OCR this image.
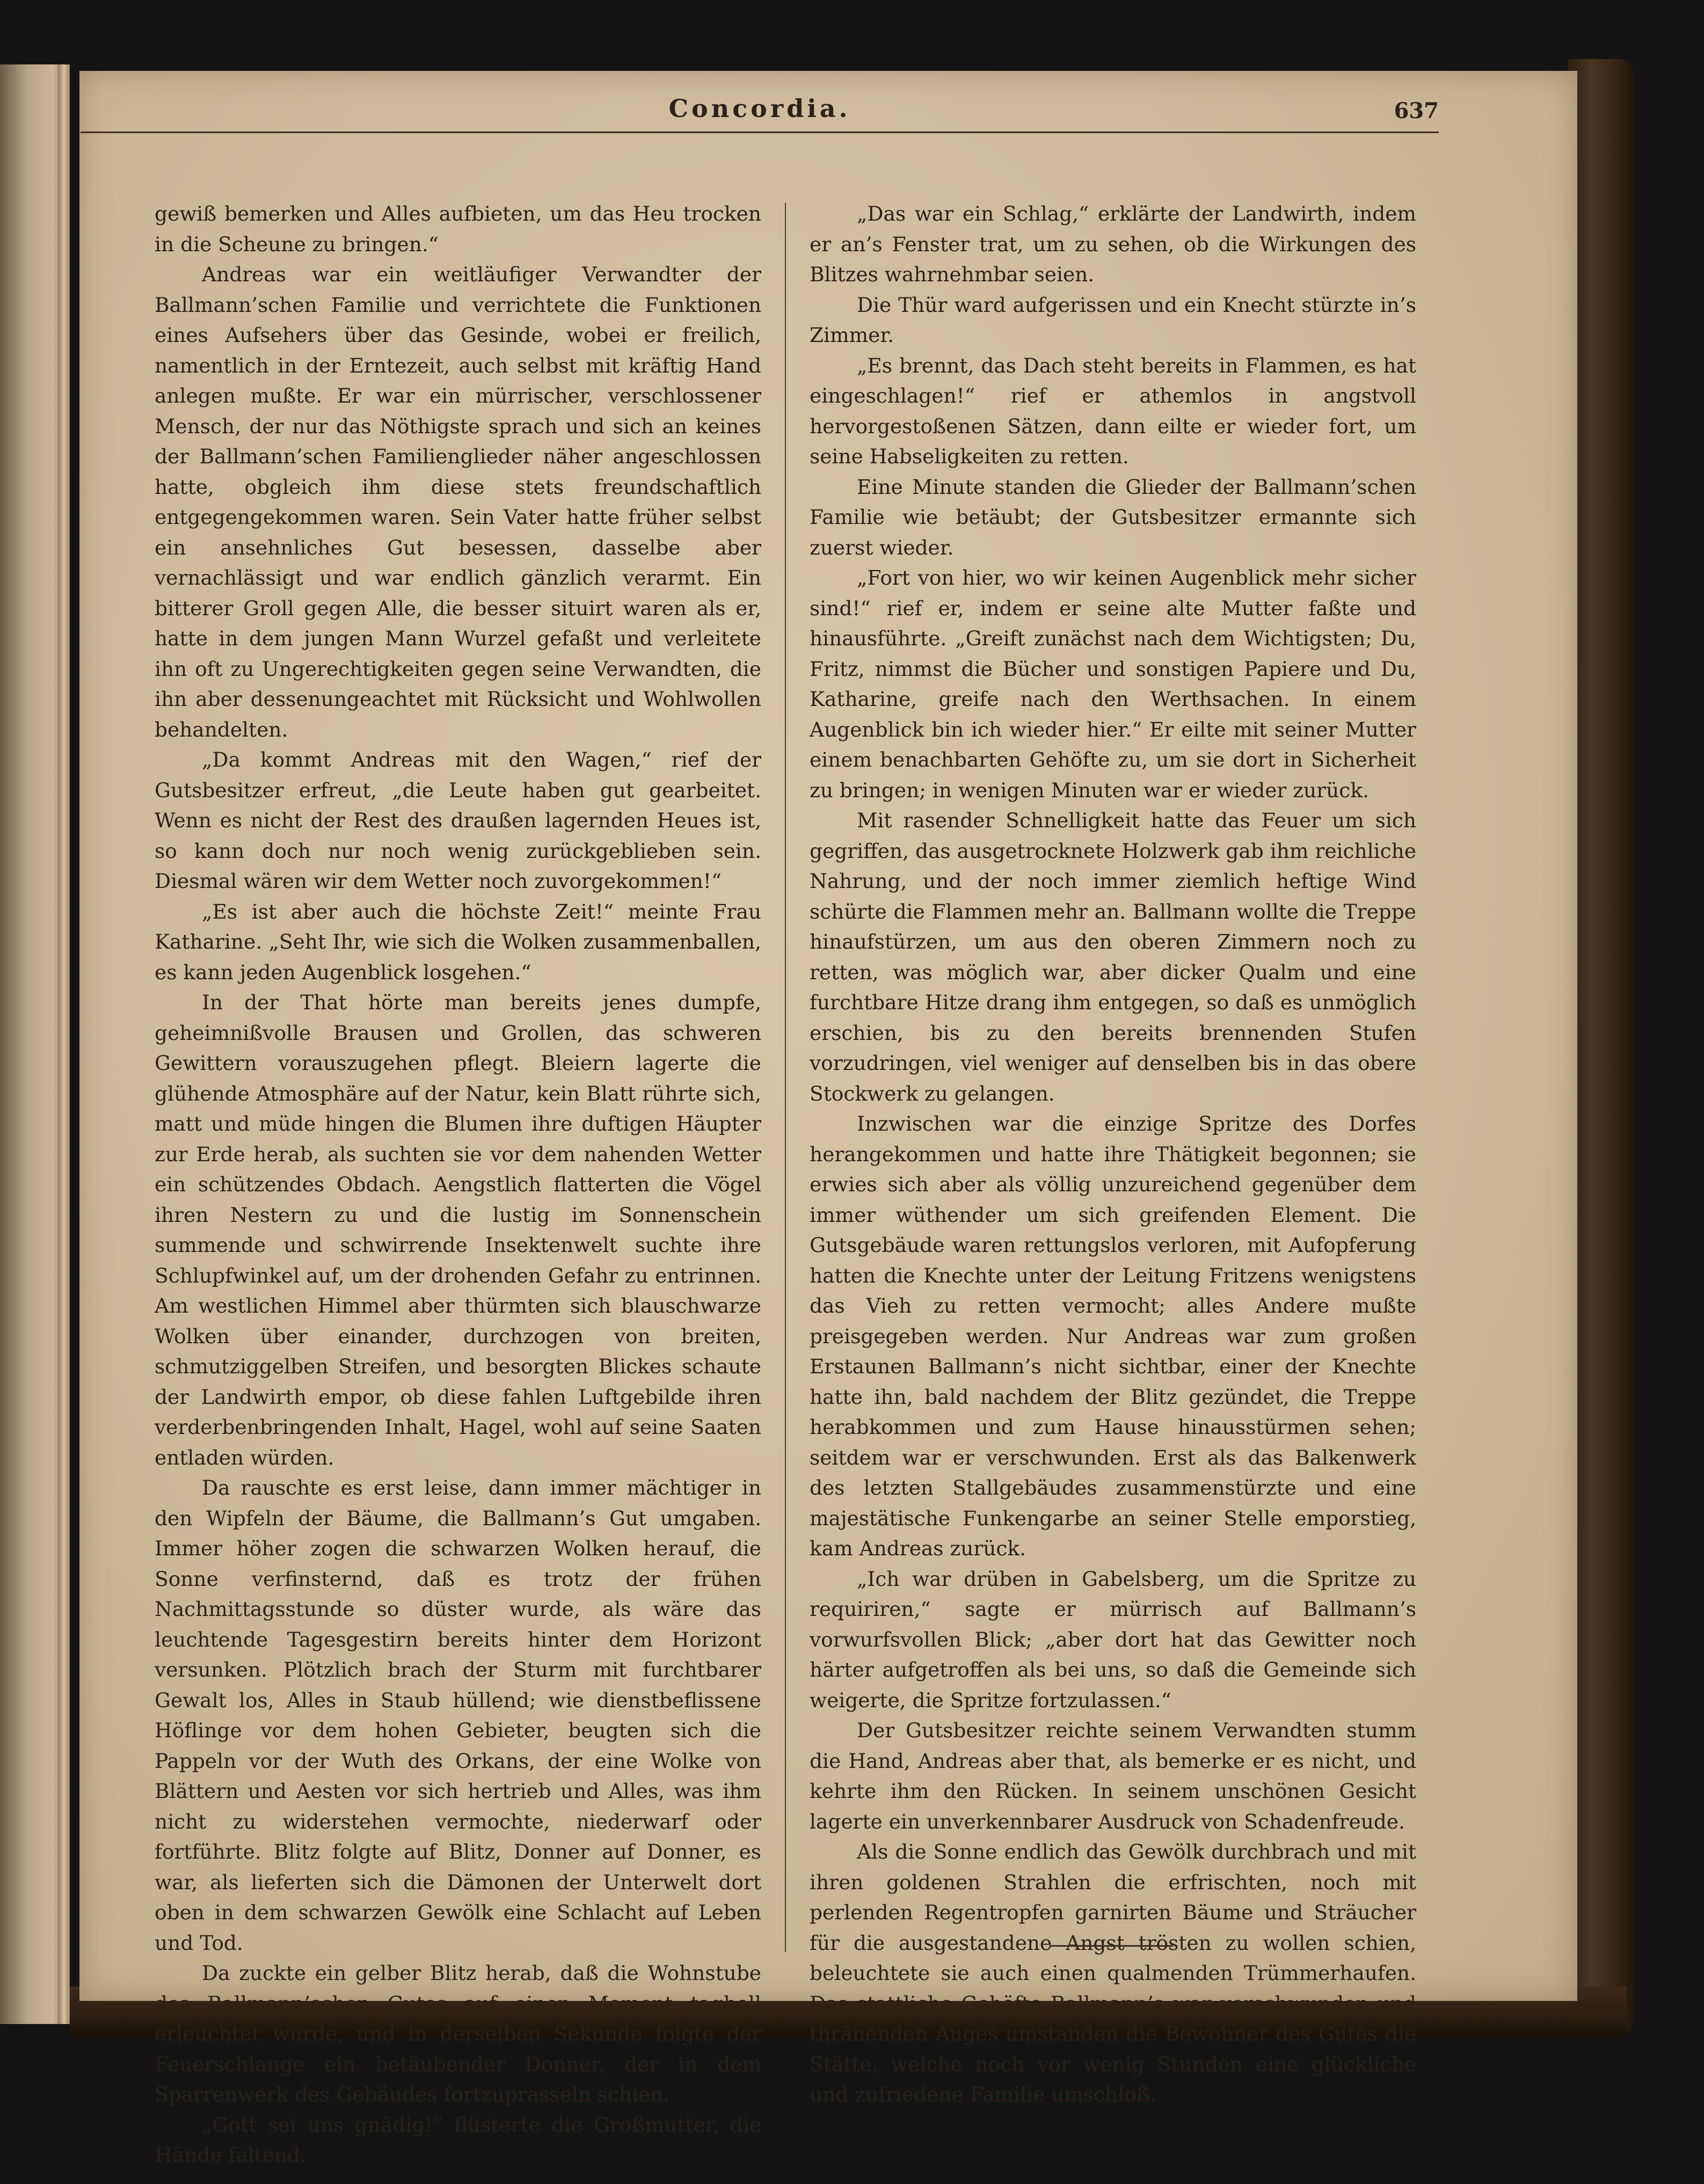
Concordia.	637

gewiß bemerken und Alles aufbieten, um das Heu trocken in die Scheune zu bringen.“

Andreas war ein weitläufiger Verwandter der Ballmann’schen Familie und verrichtete die Funktionen eines Aufsehers über das Gesinde, wobei er freilich, namentlich in der Erntezeit, auch selbst mit kräftig Hand anlegen mußte. Er war ein mürrischer, verschlossener Mensch, der nur das Nöthigste sprach und sich an keines der Ballmann’schen Familienglieder näher angeschlossen hatte, obgleich ihm diese stets freundschaftlich entgegengekommen waren. Sein Vater hatte früher selbst ein ansehnliches Gut besessen, dasselbe aber vernachlässigt und war endlich gänzlich verarmt. Ein bitterer Groll gegen Alle, die besser situirt waren als er, hatte in dem jungen Mann Wurzel gefaßt und verleitete ihn oft zu Ungerechtigkeiten gegen seine Verwandten, die ihn aber dessenungeachtet mit Rücksicht und Wohlwollen behandelten.

„Da kommt Andreas mit den Wagen,“ rief der Gutsbesitzer erfreut, „die Leute haben gut gearbeitet. Wenn es nicht der Rest des draußen lagernden Heues ist, so kann doch nur noch wenig zurückgeblieben sein. Diesmal wären wir dem Wetter noch zuvorgekommen!“

„Es ist aber auch die höchste Zeit!“ meinte Frau Katharine. „Seht Ihr, wie sich die Wolken zusammenballen, es kann jeden Augenblick losgehen.“

In der That hörte man bereits jenes dumpfe, geheimnißvolle Brausen und Grollen, das schweren Gewittern vorauszugehen pflegt. Bleiern lagerte die glühende Atmosphäre auf der Natur, kein Blatt rührte sich, matt und müde hingen die Blumen ihre duftigen Häupter zur Erde herab, als suchten sie vor dem nahenden Wetter ein schützendes Obdach. Aengstlich flatterten die Vögel ihren Nestern zu und die lustig im Sonnenschein summende und schwirrende Insektenwelt suchte ihre Schlupfwinkel auf, um der drohenden Gefahr zu entrinnen. Am westlichen Himmel aber thürmten sich blauschwarze Wolken über einander, durchzogen von breiten, schmutziggelben Streifen, und besorgten Blickes schaute der Landwirth empor, ob diese fahlen Luftgebilde ihren verderbenbringenden Inhalt, Hagel, wohl auf seine Saaten entladen würden.

Da rauschte es erst leise, dann immer mächtiger in den Wipfeln der Bäume, die Ballmann’s Gut umgaben. Immer höher zogen die schwarzen Wolken herauf, die Sonne verfinsternd, daß es trotz der frühen Nachmittagsstunde so düster wurde, als wäre das leuchtende Tagesgestirn bereits hinter dem Horizont versunken. Plötzlich brach der Sturm mit furchtbarer Gewalt los, Alles in Staub hüllend; wie dienstbeflissene Höflinge vor dem hohen Gebieter, beugten sich die Pappeln vor der Wuth des Orkans, der eine Wolke von Blättern und Aesten vor sich hertrieb und Alles, was ihm nicht zu widerstehen vermochte, niederwarf oder fortführte. Blitz folgte auf Blitz, Donner auf Donner, es war, als lieferten sich die Dämonen der Unterwelt dort oben in dem schwarzen Gewölk eine Schlacht auf Leben und Tod.

Da zuckte ein gelber Blitz herab, daß die Wohnstube des Ballmann’schen Gutes auf einen Moment taghell erleuchtet wurde, und in derselben Sekunde folgte der Feuerschlange ein betäubender Donner, der in dem Sparrenwerk des Gebäudes fortzuprasseln schien.

„Gott sei uns gnädig!“ flüsterte die Großmutter, die Hände faltend.

„Das war ein Schlag,“ erklärte der Landwirth, indem er an’s Fenster trat, um zu sehen, ob die Wirkungen des Blitzes wahrnehmbar seien.

Die Thür ward aufgerissen und ein Knecht stürzte in’s Zimmer.

„Es brennt, das Dach steht bereits in Flammen, es hat eingeschlagen!“ rief er athemlos in angstvoll hervorgestoßenen Sätzen, dann eilte er wieder fort, um seine Habseligkeiten zu retten.

Eine Minute standen die Glieder der Ballmann’schen Familie wie betäubt; der Gutsbesitzer ermannte sich zuerst wieder.

„Fort von hier, wo wir keinen Augenblick mehr sicher sind!“ rief er, indem er seine alte Mutter faßte und hinausführte. „Greift zunächst nach dem Wichtigsten; Du, Fritz, nimmst die Bücher und sonstigen Papiere und Du, Katharine, greife nach den Werthsachen. In einem Augenblick bin ich wieder hier.“ Er eilte mit seiner Mutter einem benachbarten Gehöfte zu, um sie dort in Sicherheit zu bringen; in wenigen Minuten war er wieder zurück.

Mit rasender Schnelligkeit hatte das Feuer um sich gegriffen, das ausgetrocknete Holzwerk gab ihm reichliche Nahrung, und der noch immer ziemlich heftige Wind schürte die Flammen mehr an. Ballmann wollte die Treppe hinaufstürzen, um aus den oberen Zimmern noch zu retten, was möglich war, aber dicker Qualm und eine furchtbare Hitze drang ihm entgegen, so daß es unmöglich erschien, bis zu den bereits brennenden Stufen vorzudringen, viel weniger auf denselben bis in das obere Stockwerk zu gelangen.

Inzwischen war die einzige Spritze des Dorfes herangekommen und hatte ihre Thätigkeit begonnen; sie erwies sich aber als völlig unzureichend gegenüber dem immer wüthender um sich greifenden Element. Die Gutsgebäude waren rettungslos verloren, mit Aufopferung hatten die Knechte unter der Leitung Fritzens wenigstens das Vieh zu retten vermocht; alles Andere mußte preisgegeben werden. Nur Andreas war zum großen Erstaunen Ballmann’s nicht sichtbar, einer der Knechte hatte ihn, bald nachdem der Blitz gezündet, die Treppe herabkommen und zum Hause hinausstürmen sehen; seitdem war er verschwunden. Erst als das Balkenwerk des letzten Stallgebäudes zusammenstürzte und eine majestätische Funkengarbe an seiner Stelle emporstieg, kam Andreas zurück.

„Ich war drüben in Gabelsberg, um die Spritze zu requiriren,“ sagte er mürrisch auf Ballmann’s vorwurfsvollen Blick; „aber dort hat das Gewitter noch härter aufgetroffen als bei uns, so daß die Gemeinde sich weigerte, die Spritze fortzulassen.“

Der Gutsbesitzer reichte seinem Verwandten stumm die Hand, Andreas aber that, als bemerke er es nicht, und kehrte ihm den Rücken. In seinem unschönen Gesicht lagerte ein unverkennbarer Ausdruck von Schadenfreude.

Als die Sonne endlich das Gewölk durchbrach und mit ihren goldenen Strahlen die erfrischten, noch mit perlenden Regentropfen garnirten Bäume und Sträucher für die ausgestandene Angst trösten zu wollen schien, beleuchtete sie auch einen qualmenden Trümmerhaufen. Das stattliche Gehöfte Ballmann’s war verschwunden und thränenden Auges umstanden die Bewohner des Gutes die Stätte, welche noch vor wenig Stunden eine glückliche und zufriedene Familie umschloß.
